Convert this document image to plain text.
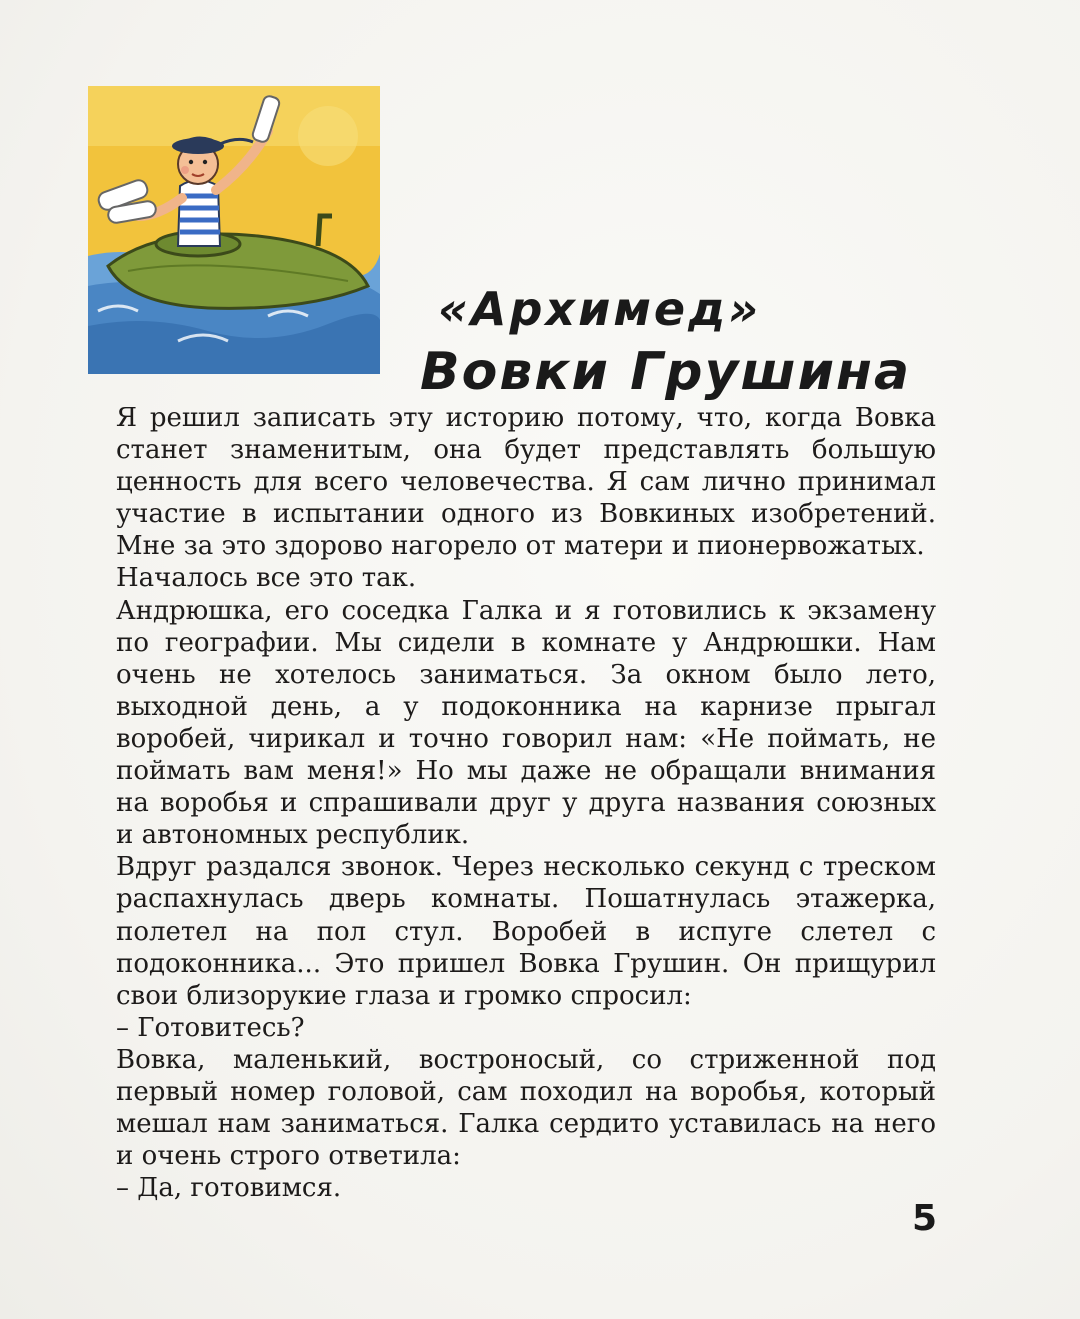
«Архимед»
Вовки Грушина

Я решил записать эту историю потому, что, когда Вовка станет знаменитым, она будет представлять большую ценность для всего человечества. Я сам лично принимал участие в испытании одного из Вовкиных изобретений. Мне за это здорово нагорело от матери и пионервожатых.

Началось все это так.

Андрюшка, его соседка Галка и я готовились к экзамену по географии. Мы сидели в комнате у Андрюшки. Нам очень не хотелось заниматься. За окном было лето, выходной день, а у подоконника на карнизе прыгал воробей, чирикал и точно говорил нам: «Не поймать, не поймать вам меня!» Но мы даже не обращали внимания на воробья и спрашивали друг у друга названия союзных и автономных республик.

Вдруг раздался звонок. Через несколько секунд с треском распахнулась дверь комнаты. Пошатнулась этажерка, полетел на пол стул. Воробей в испуге слетел с подоконника... Это пришел Вовка Грушин. Он прищурил свои близорукие глаза и громко спросил:

– Готовитесь?

Вовка, маленький, востроносый, со стриженной под первый номер головой, сам походил на воробья, который мешал нам заниматься. Галка сердито уставилась на него и очень строго ответила:

– Да, готовимся.

5
